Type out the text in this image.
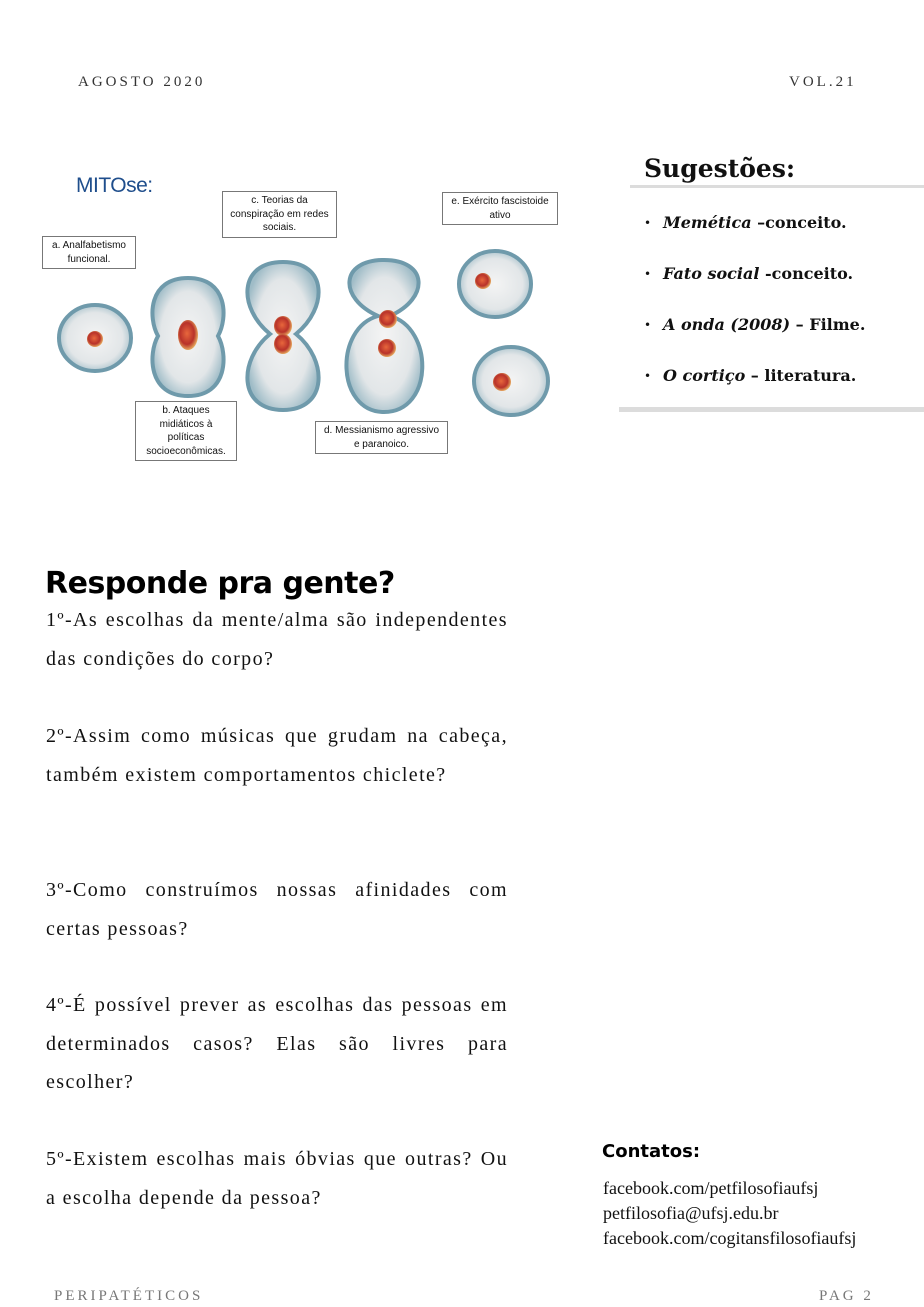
AGOSTO 2020	VOL.21
MITOse:
a. Analfabetismo
funcional.
b. Ataques
midiáticos à
políticas
socioeconômicas.
c. Teorias da
conspiração em redes
sociais.
d. Messianismo agressivo
e paranoico.
e. Exército fascistoide
ativo
Sugestões:
• Memética –conceito.
• Fato social -conceito.
• A onda (2008) – Filme.
• O cortiço – literatura.
Responde pra gente?

1º-As escolhas da mente/alma são independentes das condições do corpo?

2º-Assim como músicas que grudam na cabeça, também existem comportamentos chiclete?

3º-Como construímos nossas afinidades com certas pessoas?

4º-É possível prever as escolhas das pessoas em determinados casos? Elas são livres para escolher?

5º-Existem escolhas mais óbvias que outras? Ou a escolha depende da pessoa?

Contatos:
facebook.com/petfilosofiaufsj
petfilosofia@ufsj.edu.br
facebook.com/cogitansfilosofiaufsj
PERIPATÉTICOS	PAG 2
